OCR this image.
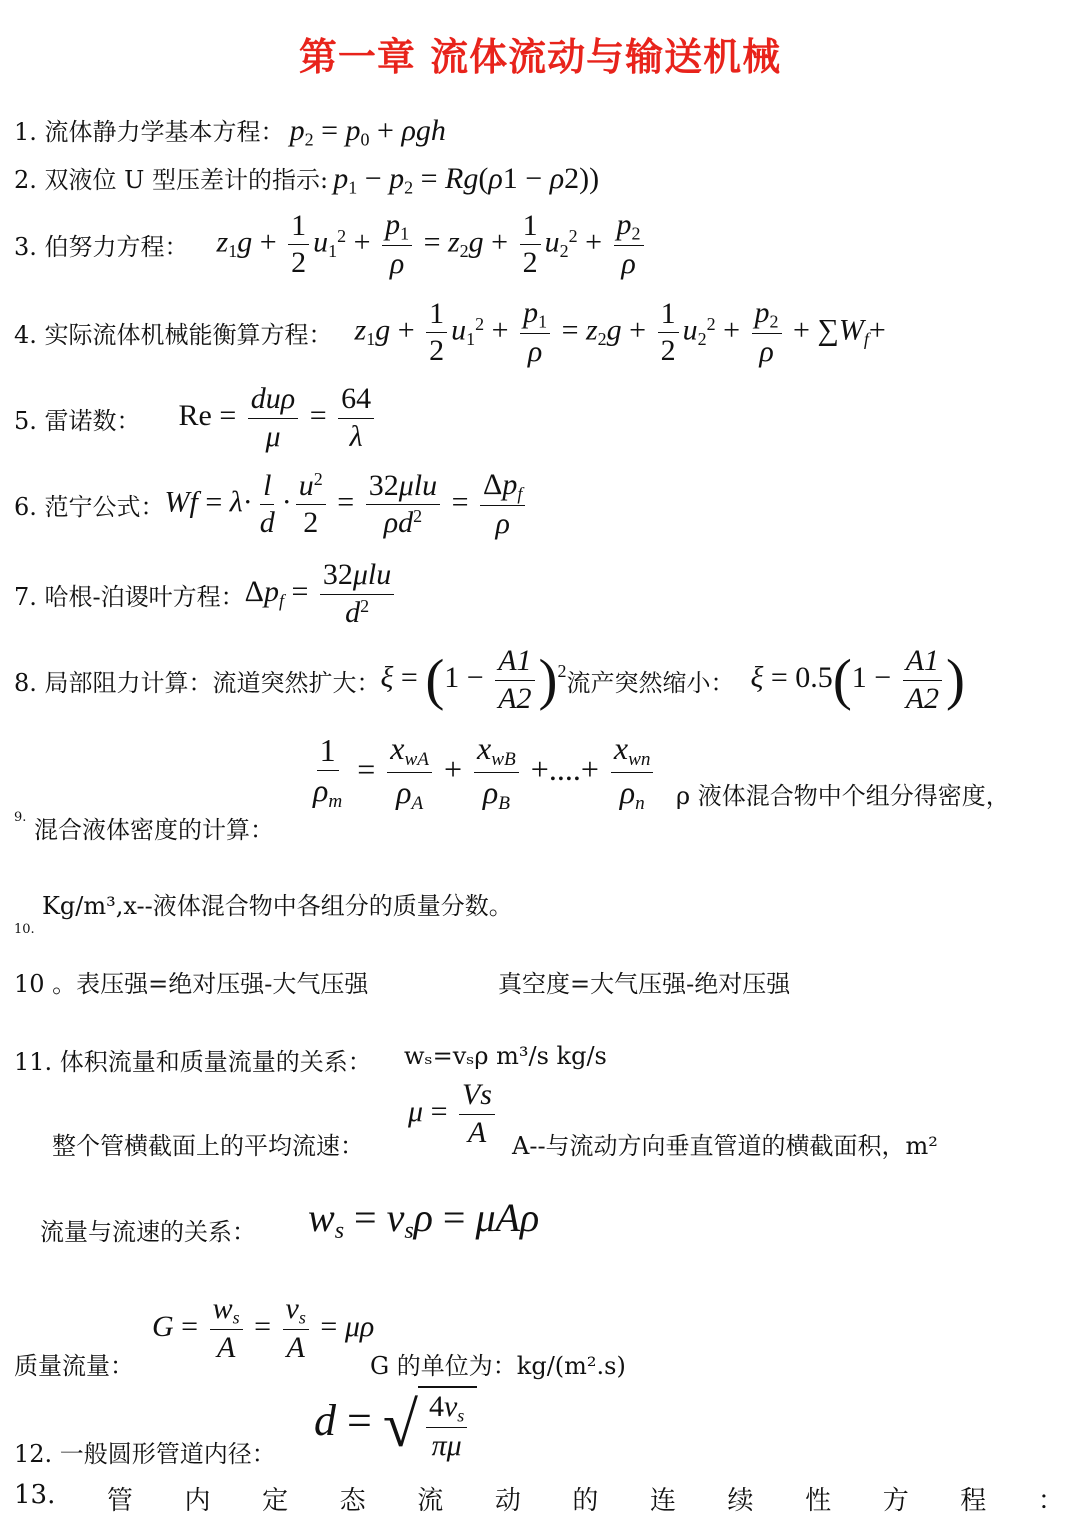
第一章 流体流动与输送机械
1. 流体静力学基本方程： $p_2 = p_0 + \rho gh$
2. 双液位 U 型压差计的指示: $p_1 - p_2 = Rg(\rho 1 - \rho 2)$)
3. 伯努力方程： $z_1g + \frac{1}{2} u_1^2 + \frac{p_1}{\rho} = z_2g + \frac{1}{2} u_2^2 + \frac{p_2}{\rho}$
4. 实际流体机械能衡算方程： $z_1g + \frac{1}{2} u_1^2 + \frac{p_1}{\rho} = z_2g + \frac{1}{2} u_2^2 + \frac{p_2}{\rho} + \sum W_f+$
5. 雷诺数： $Re = \frac{\text{duρ}}{\mu} = \frac{64}{\lambda}$
6. 范宁公式： $Wf = \lambda\cdot \frac{l}{d} \cdot \frac{u^2}{2} = \frac{\text{32μlu}}{\rho d^2} = \frac{\Delta p_f}{\rho}$
7. 哈根-泊谡叶方程： $\Delta p_f = \frac{\text{32μlu}}{d^2}$
8. 局部阻力计算：流道突然扩大： $\xi = (1 - \frac{A1}{A2} )^2$ 流产突然缩小： $\xi = 0.5(1 - \frac{A1}{A2}$ )
$\frac{1}{\rho_m} = \frac{x_{wA}}{\rho_A} + \frac{x_{wB}}{\rho_B}$ +....+ $\frac{x_{wn}}{\rho_n}$ ρ 液体混合物中个组分得密度，
9. 混合液体密度的计算：
Kg/m³,x--液体混合物中各组分的质量分数。
10.
10 。表压强=绝对压强-大气压强	真空度=大气压强-绝对压强
11. 体积流量和质量流量的关系： wₛ=vₛρ m³/s kg/s
整个管横截面上的平均流速：
$\mu = \frac{Vs}{A} A--$与流动方向垂直管道的横截面积，m²
流量与流速的关系： $w_s = v_s\rho = \mu A\rho$
$G = \frac{w_s}{A} = \frac{v_s}{A} = \mu\rho$
质量流量：	G 的单位为：kg/(m².s)
12. 一般圆形管道内径：
d = √ $\frac{4v_s}{\pi\mu}$
13. 管 内 定 态 流 动 的 连 续 性 方 程 ：
